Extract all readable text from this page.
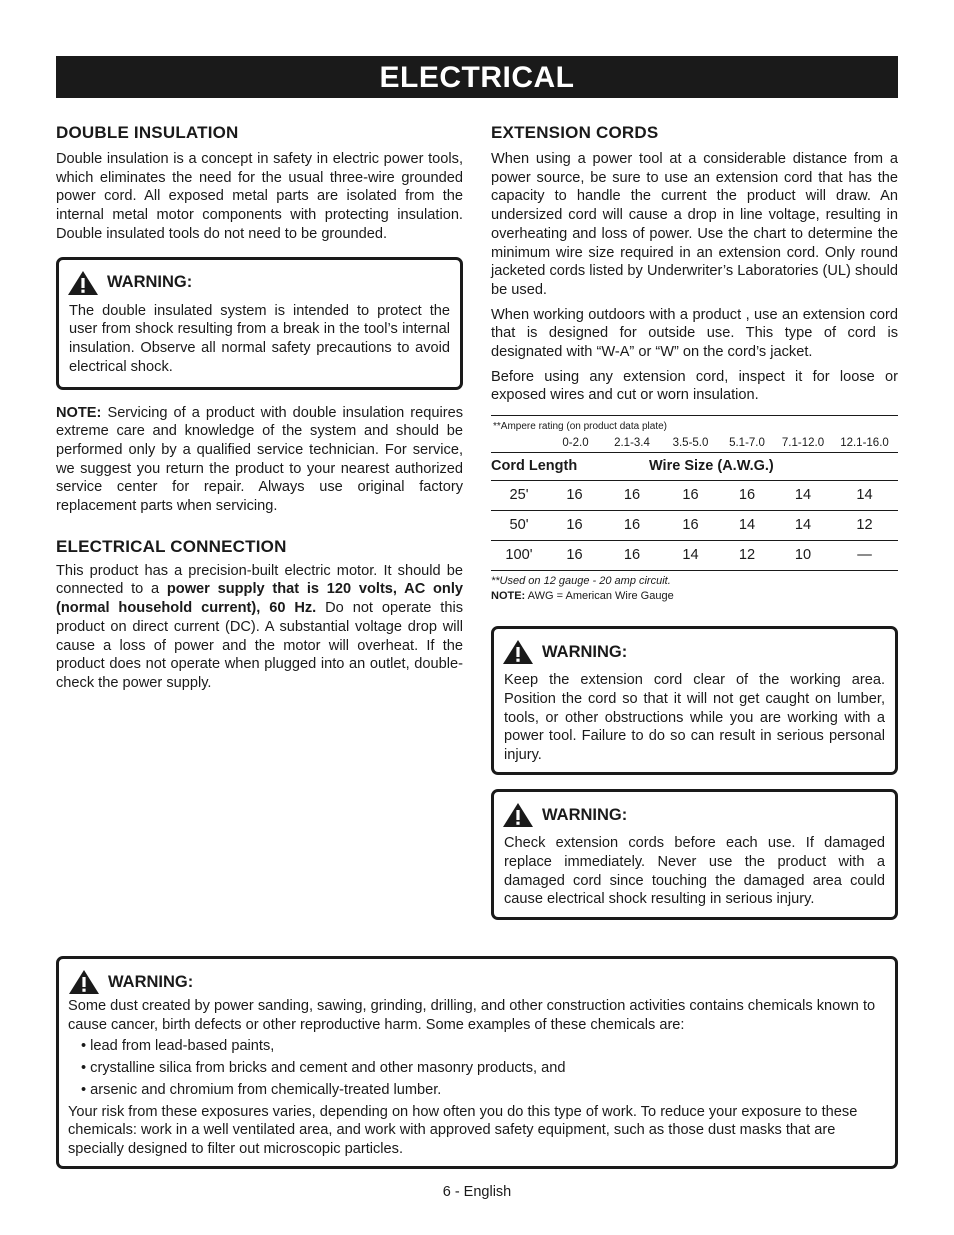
ELECTRICAL
DOUBLE INSULATION

Double insulation is a concept in safety in electric power tools, which eliminates the need for the usual three-wire grounded power cord. All exposed metal parts are isolated from the internal metal motor components with protecting insulation. Double insulated tools do not need to be grounded.

WARNING:

The double insulated system is intended to protect the user from shock resulting from a break in the tool’s internal insulation. Observe all normal safety precautions to avoid electrical shock.

NOTE: Servicing of a product with double insulation requires extreme care and knowledge of the system and should be performed only by a qualified service technician. For service, we suggest you return the product to your nearest authorized service center for repair. Always use original factory replacement parts when servicing.

ELECTRICAL CONNECTION

This product has a precision-built electric motor. It should be connected to a power supply that is 120 volts, AC only (normal household current), 60 Hz. Do not operate this product on direct current (DC). A substantial voltage drop will cause a loss of power and the motor will overheat. If the product does not operate when plugged into an outlet, double-check the power supply.

EXTENSION CORDS

When using a power tool at a considerable distance from a power source, be sure to use an extension cord that has the capacity to handle the current the product will draw. An undersized cord will cause a drop in line voltage, resulting in overheating and loss of power. Use the chart to determine the minimum wire size required in an extension cord. Only round jacketed cords listed by Underwriter’s Laboratories (UL) should be used.

When working outdoors with a product , use an extension cord that is designed for outside use. This type of cord is designated with “W-A” or “W” on the cord’s jacket.

Before using any extension cord, inspect it for loose or exposed wires and cut or worn insulation.

**Ampere rating (on product data plate)
0-2.0	2.1-3.4	3.5-5.0	5.1-7.0	7.1-12.0	12.1-16.0
Cord Length	Wire Size (A.W.G.)
25'	16	16	16	16	14	14
50'	16	16	16	14	14	12
100'	16	16	14	12	10	—
**Used on 12 gauge - 20 amp circuit.
NOTE: AWG = American Wire Gauge
WARNING:

Keep the extension cord clear of the working area. Position the cord so that it will not get caught on lumber, tools, or other obstructions while you are working with a power tool. Failure to do so can result in serious personal injury.

WARNING:

Check extension cords before each use. If damaged replace immediately. Never use the product with a damaged cord since touching the damaged area could cause electrical shock resulting in serious injury.

WARNING:

Some dust created by power sanding, sawing, grinding, drilling, and other construction activities contains chemicals known to cause cancer, birth defects or other reproductive harm. Some examples of these chemicals are:

• lead from lead-based paints,
• crystalline silica from bricks and cement and other masonry products, and
• arsenic and chromium from chemically-treated lumber.

Your risk from these exposures varies, depending on how often you do this type of work. To reduce your exposure to these chemicals: work in a well ventilated area, and work with approved safety equipment, such as those dust masks that are specially designed to filter out microscopic particles.

6 - English
